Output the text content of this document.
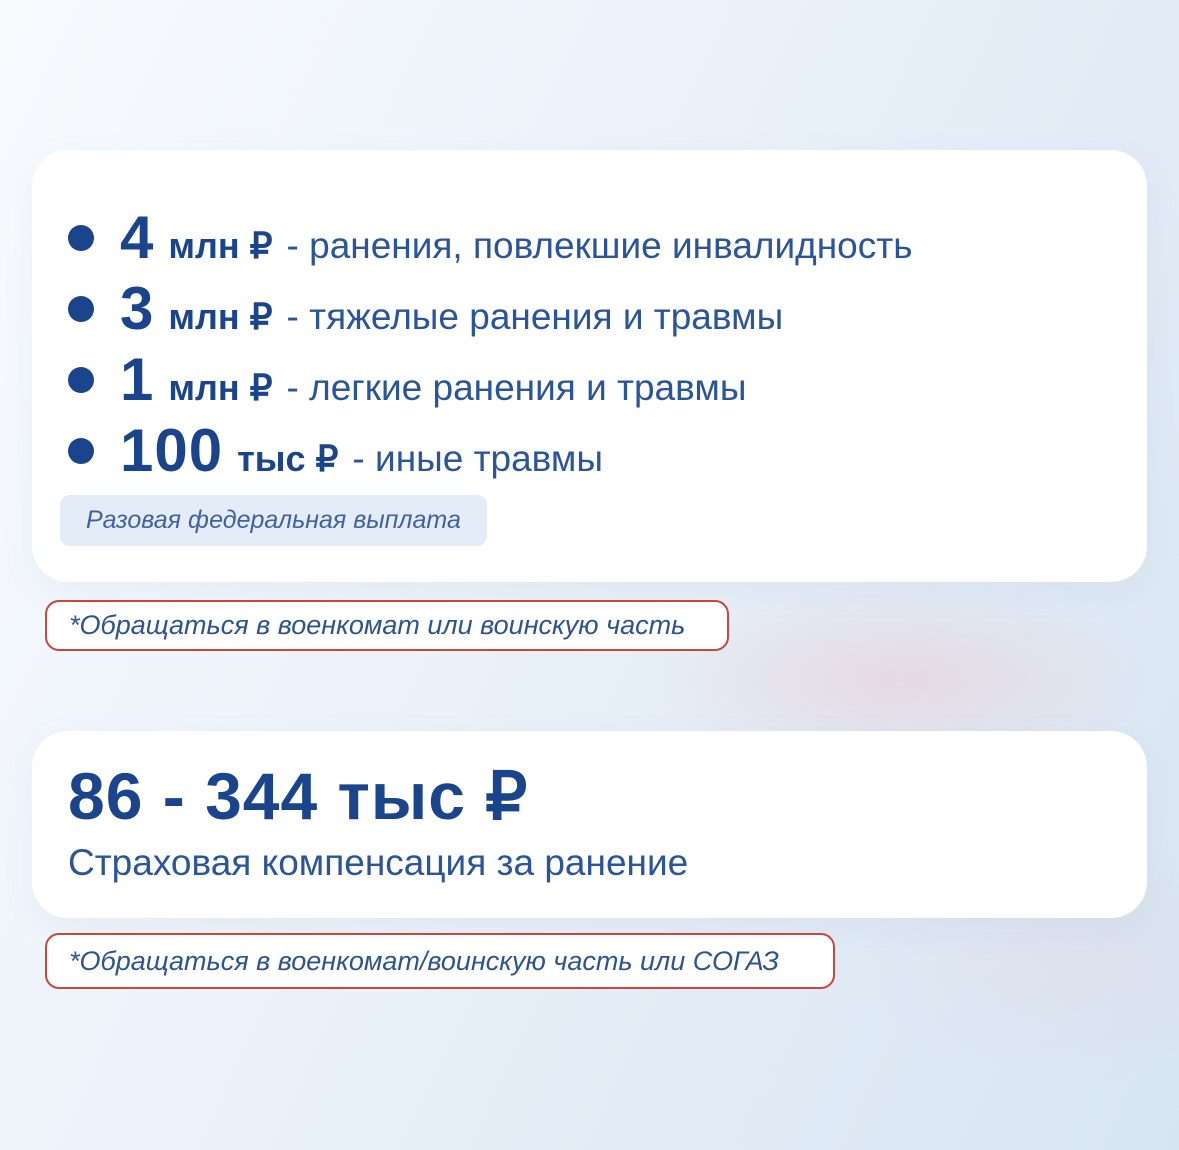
4 млн ₽ - ранения, повлекшие инвалидность
3 млн ₽ - тяжелые ранения и травмы
1 млн ₽ - легкие ранения и травмы
100 тыс ₽ - иные травмы
Разовая федеральная выплата
*Обращаться в военкомат или воинскую часть
86 - 344 тыс ₽
Страховая компенсация за ранение
*Обращаться в военкомат/воинскую часть или СОГАЗ
